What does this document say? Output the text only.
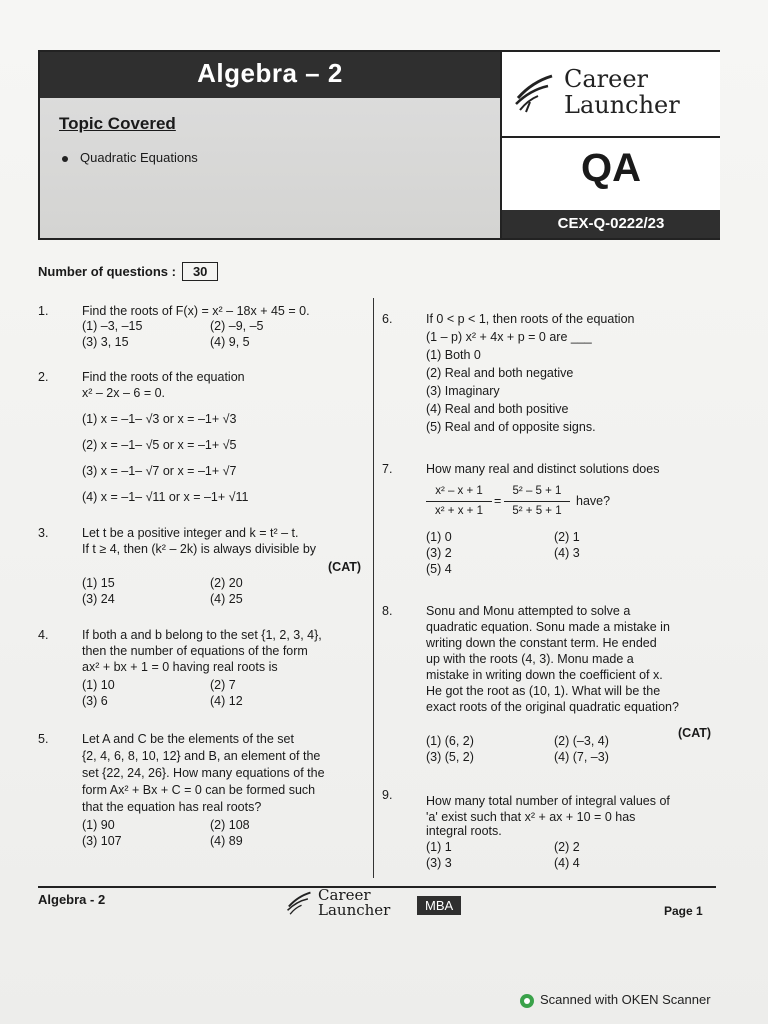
Algebra – 2
Topic Covered
Quadratic Equations
Career
Launcher
QA
CEX-Q-0222/23
Number of questions : 30
1.	Find the roots of F(x) = x² – 18x + 45 = 0.
(1) –3, –15	(2) –9, –5
(3) 3, 15	(4) 9, 5
2.	Find the roots of the equation
x² – 2x – 6 = 0.
(1) x = –1– √3 or x = –1+ √3
(2) x = –1– √5 or x = –1+ √5
(3) x = –1– √7 or x = –1+ √7
(4) x = –1– √11 or x = –1+ √11
3.	Let t be a positive integer and k = t² – t.
If t ≥ 4, then (k² – 2k) is always divisible by
(CAT)
(1) 15	(2) 20
(3) 24	(4) 25
4.	If both a and b belong to the set {1, 2, 3, 4},
then the number of equations of the form
ax² + bx + 1 = 0 having real roots is
(1) 10	(2) 7
(3) 6	(4) 12
5.	Let A and C be the elements of the set
{2, 4, 6, 8, 10, 12} and B, an element of the
set {22, 24, 26}. How many equations of the
form Ax² + Bx + C = 0 can be formed such
that the equation has real roots?
(1) 90	(2) 108
(3) 107	(4) 89
6.	If 0 < p < 1, then roots of the equation
(1 – p) x² + 4x + p = 0 are ___
(1) Both 0
(2) Real and both negative
(3) Imaginary
(4) Real and both positive
(5) Real and of opposite signs.
7.	How many real and distinct solutions does
x² – x + 1
x² + x + 1
=
5² – 5 + 1
5² + 5 + 1
have?
(1) 0	(2) 1
(3) 2	(4) 3
(5) 4
8.	Sonu and Monu attempted to solve a
quadratic equation. Sonu made a mistake in
writing down the constant term. He ended
up with the roots (4, 3). Monu made a
mistake in writing down the coefficient of x.
He got the root as (10, 1). What will be the
exact roots of the original quadratic equation?
(CAT)
(1) (6, 2)	(2) (–3, 4)
(3) (5, 2)	(4) (7, –3)
9.	How many total number of integral values of
'a' exist such that x² + ax + 10 = 0 has
integral roots.
(1) 1	(2) 2
(3) 3	(4) 4
Algebra - 2	Career
Launcher	MBA	Page 1
Scanned with OKEN Scanner
